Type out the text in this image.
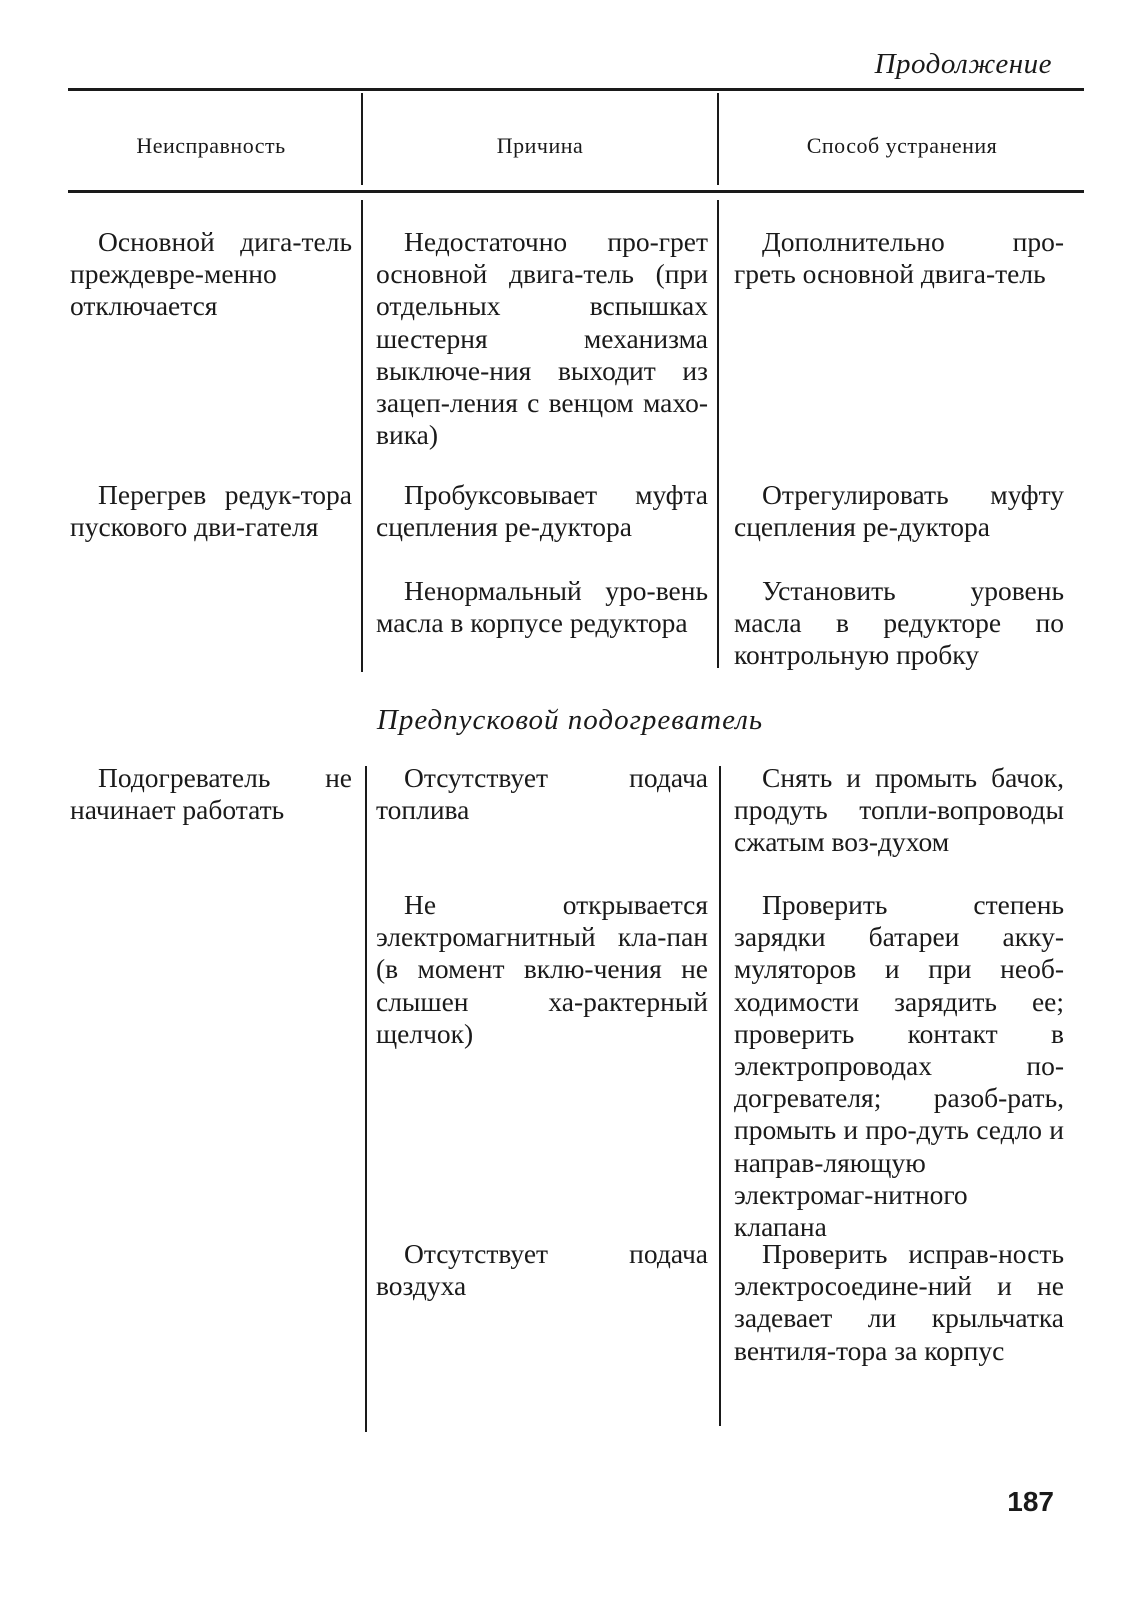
Продолжение
Неисправность	Причина	Способ устранения
Основной дига-тель преждевре-менно отключается
Недостаточно про-грет основной двига-тель (при отдельных вспышках шестерня механизма выключе-ния выходит из зацеп-ления с венцом махо-вика)
Дополнительно про-греть основной двига-тель
Перегрев редук-тора пускового дви-гателя
Пробуксовывает муфта сцепления ре-дуктора
Отрегулировать муфту сцепления ре-дуктора
Ненормальный уро-вень масла в корпусе редуктора
Установить уровень масла в редукторе по контрольную пробку
Предпусковой подогреватель
Подогреватель не начинает работать
Отсутствует подача топлива
Снять и промыть бачок, продуть топли-вопроводы сжатым воз-духом
Не открывается электромагнитный кла-пан (в момент вклю-чения не слышен ха-рактерный щелчок)
Проверить степень зарядки батареи акку-муляторов и при необ-ходимости зарядить ее; проверить контакт в электропроводах по-догревателя; разоб-рать, промыть и про-дуть седло и направ-ляющую электромаг-нитного клапана
Отсутствует подача воздуха
Проверить исправ-ность электросоедине-ний и не задевает ли крыльчатка вентиля-тора за корпус
187
